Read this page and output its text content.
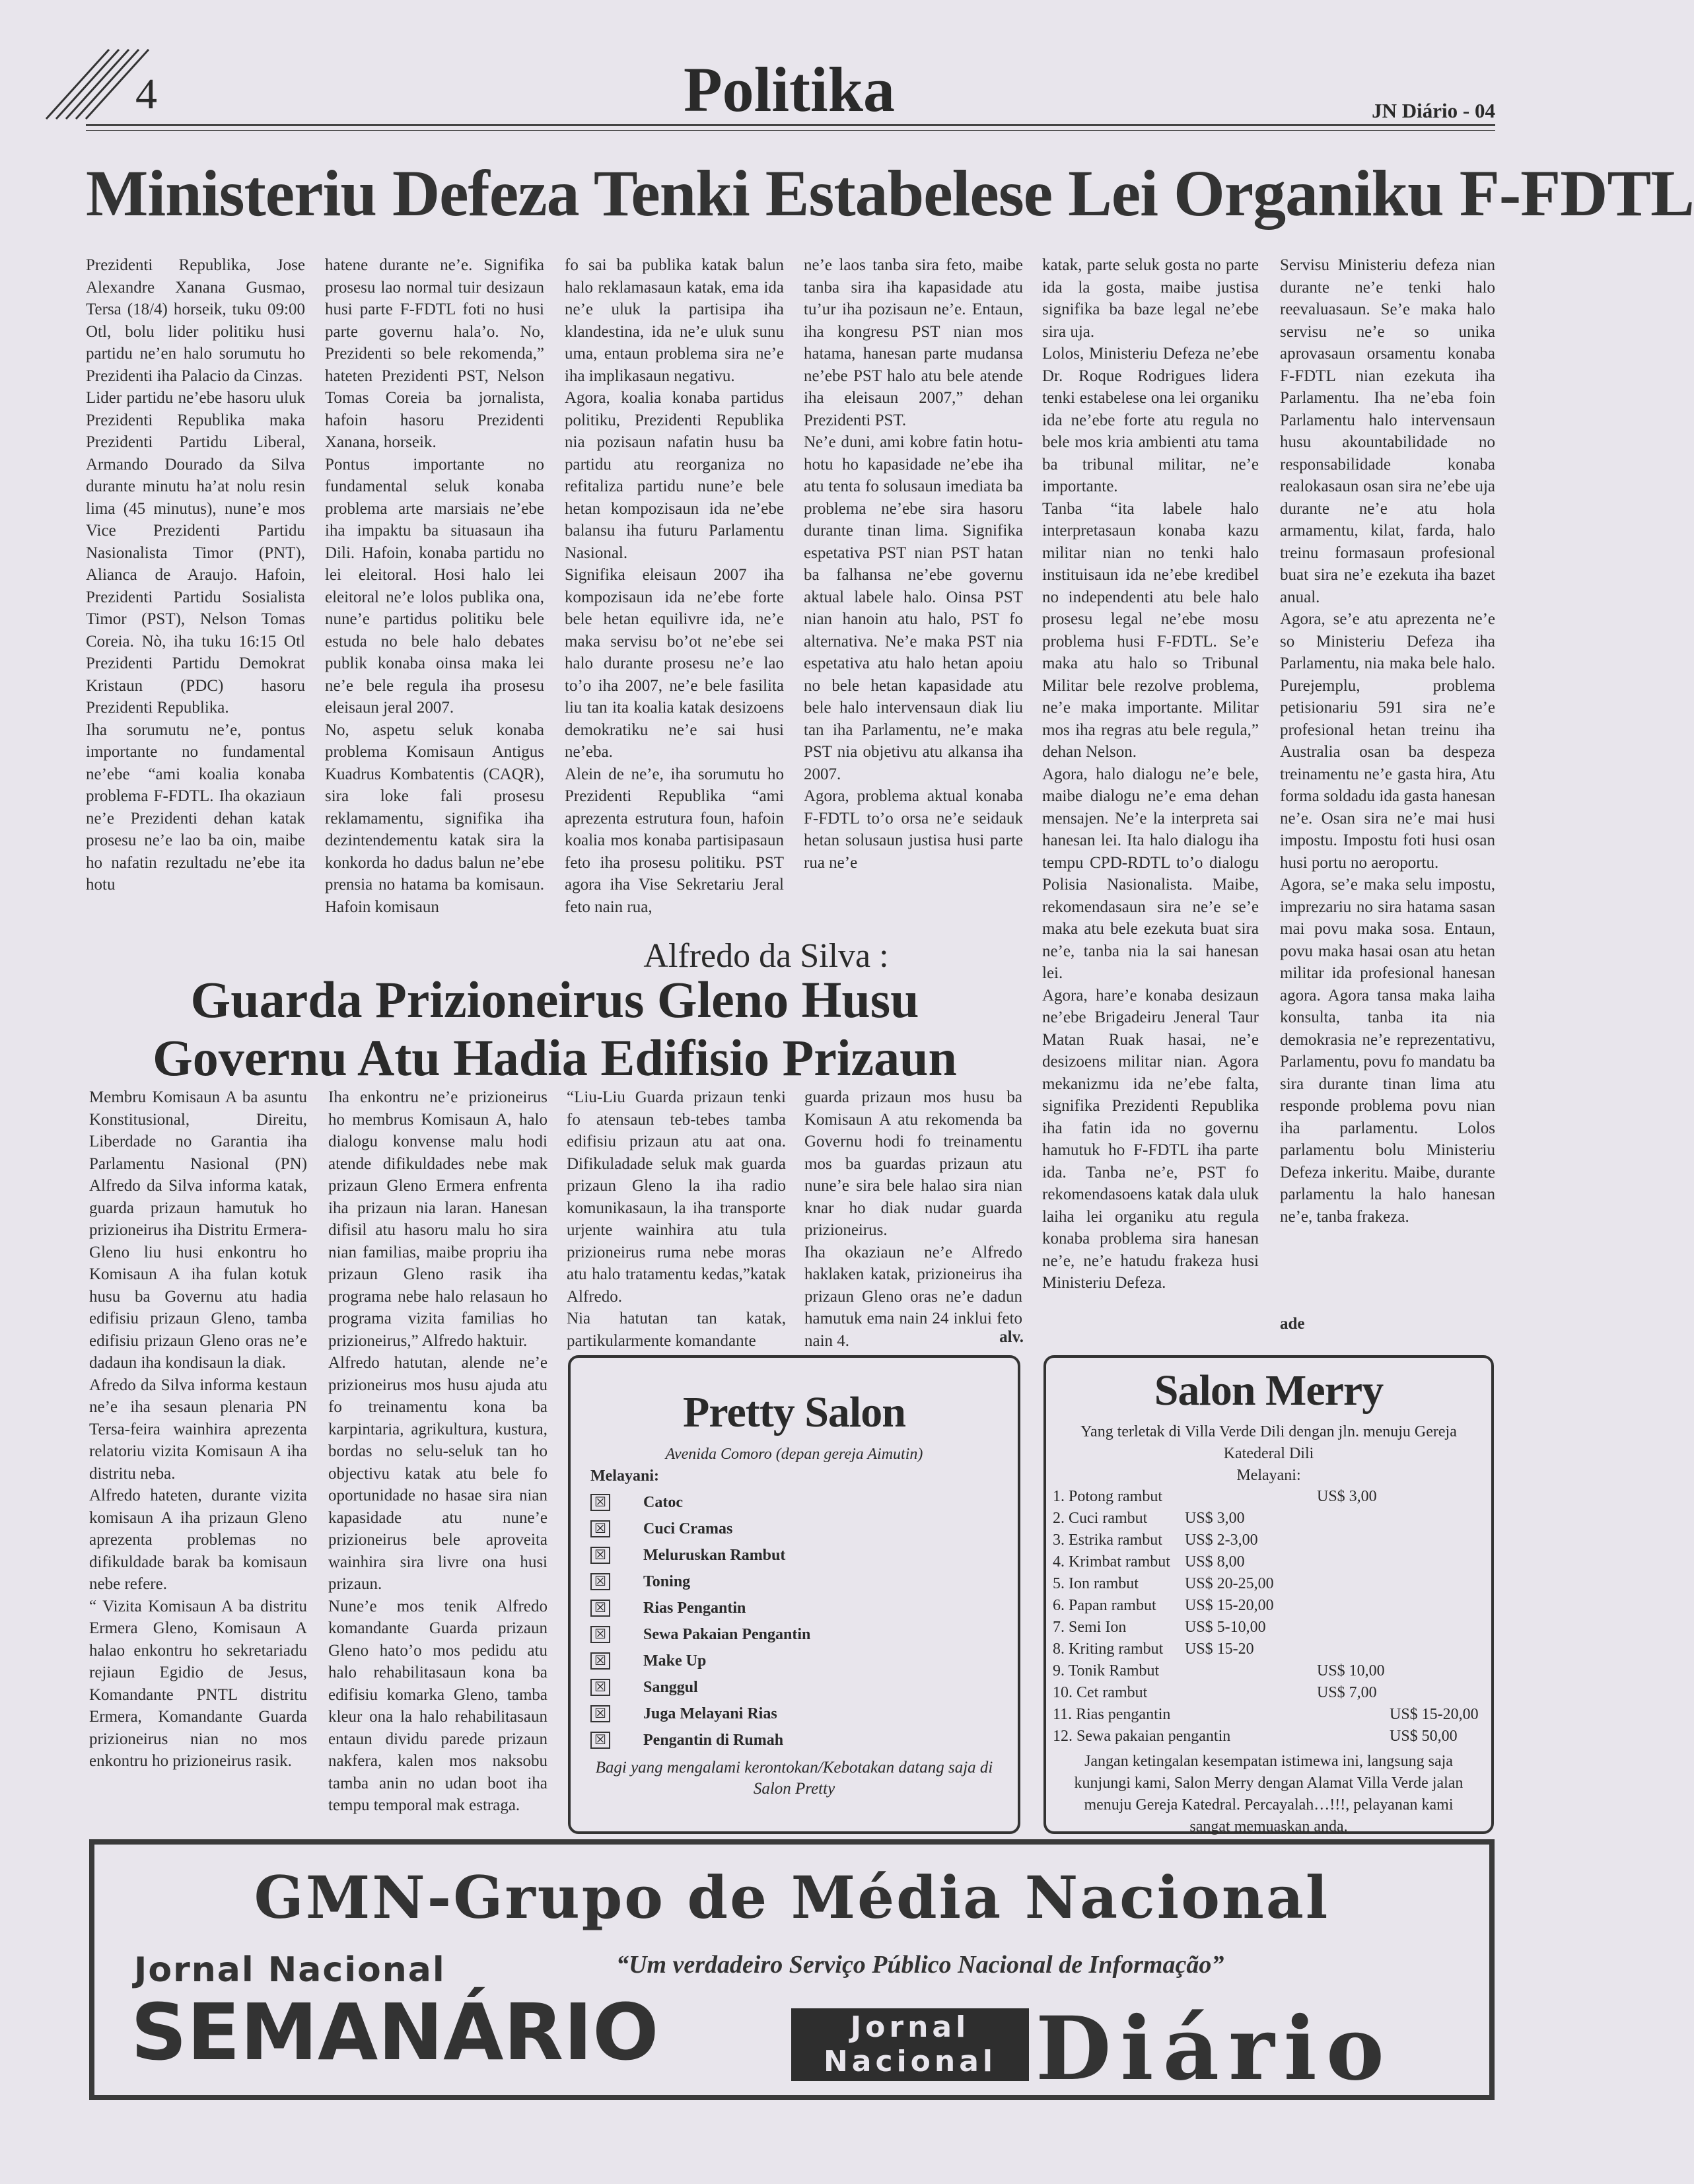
4	Politika	JN Diário - 04
Ministeriu Defeza Tenki Estabelese Lei Organiku F-FDTL

Prezidenti Republika, Jose Alexandre Xanana Gusmao, Tersa (18/4) horseik, tuku 09:00 Otl, bolu lider politiku husi partidu ne’en halo sorumutu ho Prezidenti iha Palacio da Cinzas.

Lider partidu ne’ebe hasoru uluk Prezidenti Republika maka Prezidenti Partidu Liberal, Armando Dourado da Silva durante minutu ha’at nolu resin lima (45 minutus), nune’e mos Vice Prezidenti Partidu Nasionalista Timor (PNT), Alianca de Araujo. Hafoin, Prezidenti Partidu Sosialista Timor (PST), Nelson Tomas Coreia. Nò, iha tuku 16:15 Otl Prezidenti Partidu Demokrat Kristaun (PDC) hasoru Prezidenti Republika.

Iha sorumutu ne’e, pontus importante no fundamental ne’ebe “ami koalia konaba problema F-FDTL. Iha okaziaun ne’e Prezidenti dehan katak prosesu ne’e lao ba oin, maibe ho nafatin rezultadu ne’ebe ita hotu

hatene durante ne’e. Signifika prosesu lao normal tuir desizaun husi parte F-FDTL foti no husi parte governu hala’o. No, Prezidenti so bele rekomenda,” hateten Prezidenti PST, Nelson Tomas Coreia ba jornalista, hafoin hasoru Prezidenti Xanana, horseik.

Pontus importante no fundamental seluk konaba problema arte marsiais ne’ebe iha impaktu ba situasaun iha Dili. Hafoin, konaba partidu no lei eleitoral. Hosi halo lei eleitoral ne’e lolos publika ona, nune’e partidus politiku bele estuda no bele halo debates publik konaba oinsa maka lei ne’e bele regula iha prosesu eleisaun jeral 2007.

No, aspetu seluk konaba problema Komisaun Antigus Kuadrus Kombatentis (CAQR), sira loke fali prosesu reklamamentu, signifika iha dezintendementu katak sira la konkorda ho dadus balun ne’ebe prensia no hatama ba komisaun. Hafoin komisaun

fo sai ba publika katak balun halo reklamasaun katak, ema ida ne’e uluk la partisipa iha klandestina, ida ne’e uluk sunu uma, entaun problema sira ne’e iha implikasaun negativu.

Agora, koalia konaba partidus politiku, Prezidenti Republika nia pozisaun nafatin husu ba partidu atu reorganiza no refitaliza partidu nune’e bele hetan kompozisaun ida ne’ebe balansu iha futuru Parlamentu Nasional.

Signifika eleisaun 2007 iha kompozisaun ida ne’ebe forte bele hetan equilivre ida, ne’e maka servisu bo’ot ne’ebe sei halo durante prosesu ne’e lao to’o iha 2007, ne’e bele fasilita liu tan ita koalia katak desizoens demokratiku ne’e sai husi ne’eba.

Alein de ne’e, iha sorumutu ho Prezidenti Republika “ami aprezenta estrutura foun, hafoin koalia mos konaba partisipasaun feto iha prosesu politiku. PST agora iha Vise Sekretariu Jeral feto nain rua,

ne’e laos tanba sira feto, maibe tanba sira iha kapasidade atu tu’ur iha pozisaun ne’e. Entaun, iha kongresu PST nian mos hatama, hanesan parte mudansa ne’ebe PST halo atu bele atende iha eleisaun 2007,” dehan Prezidenti PST.

Ne’e duni, ami kobre fatin hotu-hotu ho kapasidade ne’ebe iha atu tenta fo solusaun imediata ba problema ne’ebe sira hasoru durante tinan lima. Signifika espetativa PST nian PST hatan ba falhansa ne’ebe governu aktual labele halo. Oinsa PST nian hanoin atu halo, PST fo alternativa. Ne’e maka PST nia espetativa atu halo hetan apoiu no bele hetan kapasidade atu bele halo intervensaun diak liu tan iha Parlamentu, ne’e maka PST nia objetivu atu alkansa iha 2007.

Agora, problema aktual konaba F-FDTL to’o orsa ne’e seidauk hetan solusaun justisa husi parte rua ne’e

katak, parte seluk gosta no parte ida la gosta, maibe justisa signifika ba baze legal ne’ebe sira uja.

Lolos, Ministeriu Defeza ne’ebe Dr. Roque Rodrigues lidera tenki estabelese ona lei organiku ida ne’ebe forte atu regula no bele mos kria ambienti atu tama ba tribunal militar, ne’e importante.

Tanba “ita labele halo interpretasaun konaba kazu militar nian no tenki halo instituisaun ida ne’ebe kredibel no independenti atu bele halo prosesu legal ne’ebe mosu problema husi F-FDTL. Se’e maka atu halo so Tribunal Militar bele rezolve problema, ne’e maka importante. Militar mos iha regras atu bele regula,” dehan Nelson.

Agora, halo dialogu ne’e bele, maibe dialogu ne’e ema dehan mensajen. Ne’e la interpreta sai hanesan lei. Ita halo dialogu iha tempu CPD-RDTL to’o dialogu Polisia Nasionalista. Maibe, rekomendasaun sira ne’e se’e maka atu bele ezekuta buat sira ne’e, tanba nia la sai hanesan lei.

Agora, hare’e konaba desizaun ne’ebe Brigadeiru Jeneral Taur Matan Ruak hasai, ne’e desizoens militar nian. Agora mekanizmu ida ne’ebe falta, signifika Prezidenti Republika iha fatin ida no governu hamutuk ho F-FDTL iha parte ida. Tanba ne’e, PST fo rekomendasoens katak dala uluk laiha lei organiku atu regula konaba problema sira hanesan ne’e, ne’e hatudu frakeza husi Ministeriu Defeza.

Servisu Ministeriu defeza nian durante ne’e tenki halo reevaluasaun. Se’e maka halo servisu ne’e so unika aprovasaun orsamentu konaba F-FDTL nian ezekuta iha Parlamentu. Iha ne’eba foin Parlamentu halo intervensaun husu akountabilidade no responsabilidade konaba realokasaun osan sira ne’ebe uja durante ne’e atu hola armamentu, kilat, farda, halo treinu formasaun profesional buat sira ne’e ezekuta iha bazet anual.

Agora, se’e atu aprezenta ne’e so Ministeriu Defeza iha Parlamentu, nia maka bele halo. Purejemplu, problema petisionariu 591 sira ne’e profesional hetan treinu iha Australia osan ba despeza treinamentu ne’e gasta hira, Atu forma soldadu ida gasta hanesan ne’e. Osan sira ne’e mai husi impostu. Impostu foti husi osan husi portu no aeroportu.

Agora, se’e maka selu impostu, imprezariu no sira hatama sasan mai povu maka sosa. Entaun, povu maka hasai osan atu hetan militar ida profesional hanesan agora. Agora tansa maka laiha konsulta, tanba ita nia demokrasia ne’e reprezentativu, Parlamentu, povu fo mandatu ba sira durante tinan lima atu responde problema povu nian iha parlamentu. Lolos parlamentu bolu Ministeriu Defeza inkeritu. Maibe, durante parlamentu la halo hanesan ne’e, tanba frakeza.

ade
Alfredo da Silva :
Guarda Prizioneirus Gleno Husu Governu Atu Hadia Edifisio Prizaun

Membru Komisaun A ba asuntu Konstitusional, Direitu, Liberdade no Garantia iha Parlamentu Nasional (PN) Alfredo da Silva informa katak, guarda prizaun hamutuk ho prizioneirus iha Distritu Ermera-Gleno liu husi enkontru ho Komisaun A iha fulan kotuk husu ba Governu atu hadia edifisiu prizaun Gleno, tamba edifisiu prizaun Gleno oras ne’e dadaun iha kondisaun la diak.

Afredo da Silva informa kestaun ne’e iha sesaun plenaria PN Tersa-feira wainhira aprezenta relatoriu vizita Komisaun A iha distritu neba.

Alfredo hateten, durante vizita komisaun A iha prizaun Gleno aprezenta problemas no difikuldade barak ba komisaun nebe refere.

“ Vizita Komisaun A ba distritu Ermera Gleno, Komisaun A halao enkontru ho sekretariadu rejiaun Egidio de Jesus, Komandante PNTL distritu Ermera, Komandante Guarda prizioneirus nian no mos enkontru ho prizioneirus rasik.

Iha enkontru ne’e prizioneirus ho membrus Komisaun A, halo dialogu konvense malu hodi atende difikuldades nebe mak prizaun Gleno Ermera enfrenta iha prizaun nia laran. Hanesan difisil atu hasoru malu ho sira nian familias, maibe propriu iha prizaun Gleno rasik iha programa nebe halo relasaun ho programa vizita familias ho prizioneirus,” Alfredo haktuir.

Alfredo hatutan, alende ne’e prizioneirus mos husu ajuda atu fo treinamentu kona ba karpintaria, agrikultura, kustura, bordas no selu-seluk tan ho objectivu katak atu bele fo oportunidade no hasae sira nian kapasidade atu nune’e prizioneirus bele aproveita wainhira sira livre ona husi prizaun.

Nune’e mos tenik Alfredo komandante Guarda prizaun Gleno hato’o mos pedidu atu halo rehabilitasaun kona ba edifisiu komarka Gleno, tamba kleur ona la halo rehabilitasaun entaun dividu parede prizaun nakfera, kalen mos naksobu tamba anin no udan boot iha tempu temporal mak estraga.

“Liu-Liu Guarda prizaun tenki fo atensaun teb-tebes tamba edifisiu prizaun atu aat ona. Difikuladade seluk mak guarda prizaun Gleno la iha radio komunikasaun, la iha transporte urjente wainhira atu tula prizioneirus ruma nebe moras atu halo tratamentu kedas,”katak Alfredo.

Nia hatutan tan katak, partikularmente komandante

guarda prizaun mos husu ba Komisaun A atu rekomenda ba Governu hodi fo treinamentu mos ba guardas prizaun atu nune’e sira bele halao sira nian knar ho diak nudar guarda prizioneirus.

Iha okaziaun ne’e Alfredo haklaken katak, prizioneirus iha prizaun Gleno oras ne’e dadun hamutuk ema nain 24 inklui feto nain 4.	alv.
Pretty Salon
Avenida Comoro (depan gereja Aimutin)
Melayani:
☒ Catoc
☒ Cuci Cramas
☒ Meluruskan Rambut
☒ Toning
☒ Rias Pengantin
☒ Sewa Pakaian Pengantin
☒ Make Up
☒ Sanggul
☒ Juga Melayani Rias
☒ Pengantin di Rumah
Bagi yang mengalami kerontokan/Kebotakan datang saja di Salon Pretty
Salon Merry
Yang terletak di Villa Verde Dili dengan jln. menuju Gereja Katederal Dili
Melayani:
1. Potong rambut	US$ 3,00
2. Cuci rambut US$ 3,00
3. Estrika rambut US$ 2-3,00
4. Krimbat rambut US$ 8,00
5. Ion rambut	US$ 20-25,00
6. Papan rambut US$ 15-20,00
7. Semi Ion	US$ 5-10,00
8. Kriting rambut US$ 15-20
9. Tonik Rambut	US$ 10,00
10. Cet rambut	US$ 7,00
11. Rias pengantin	US$ 15-20,00
12. Sewa pakaian pengantin	US$ 50,00
Jangan ketingalan kesempatan istimewa ini, langsung saja kunjungi kami, Salon Merry dengan Alamat Villa Verde jalan menuju Gereja Katedral. Percayalah…!!!, pelayanan kami sangat memuaskan anda.
GMN-Grupo de Média Nacional
Jornal Nacional	“Um verdadeiro Serviço Público Nacional de Informação”
SEMANÁRIO	Jornal
Nacional Diário
